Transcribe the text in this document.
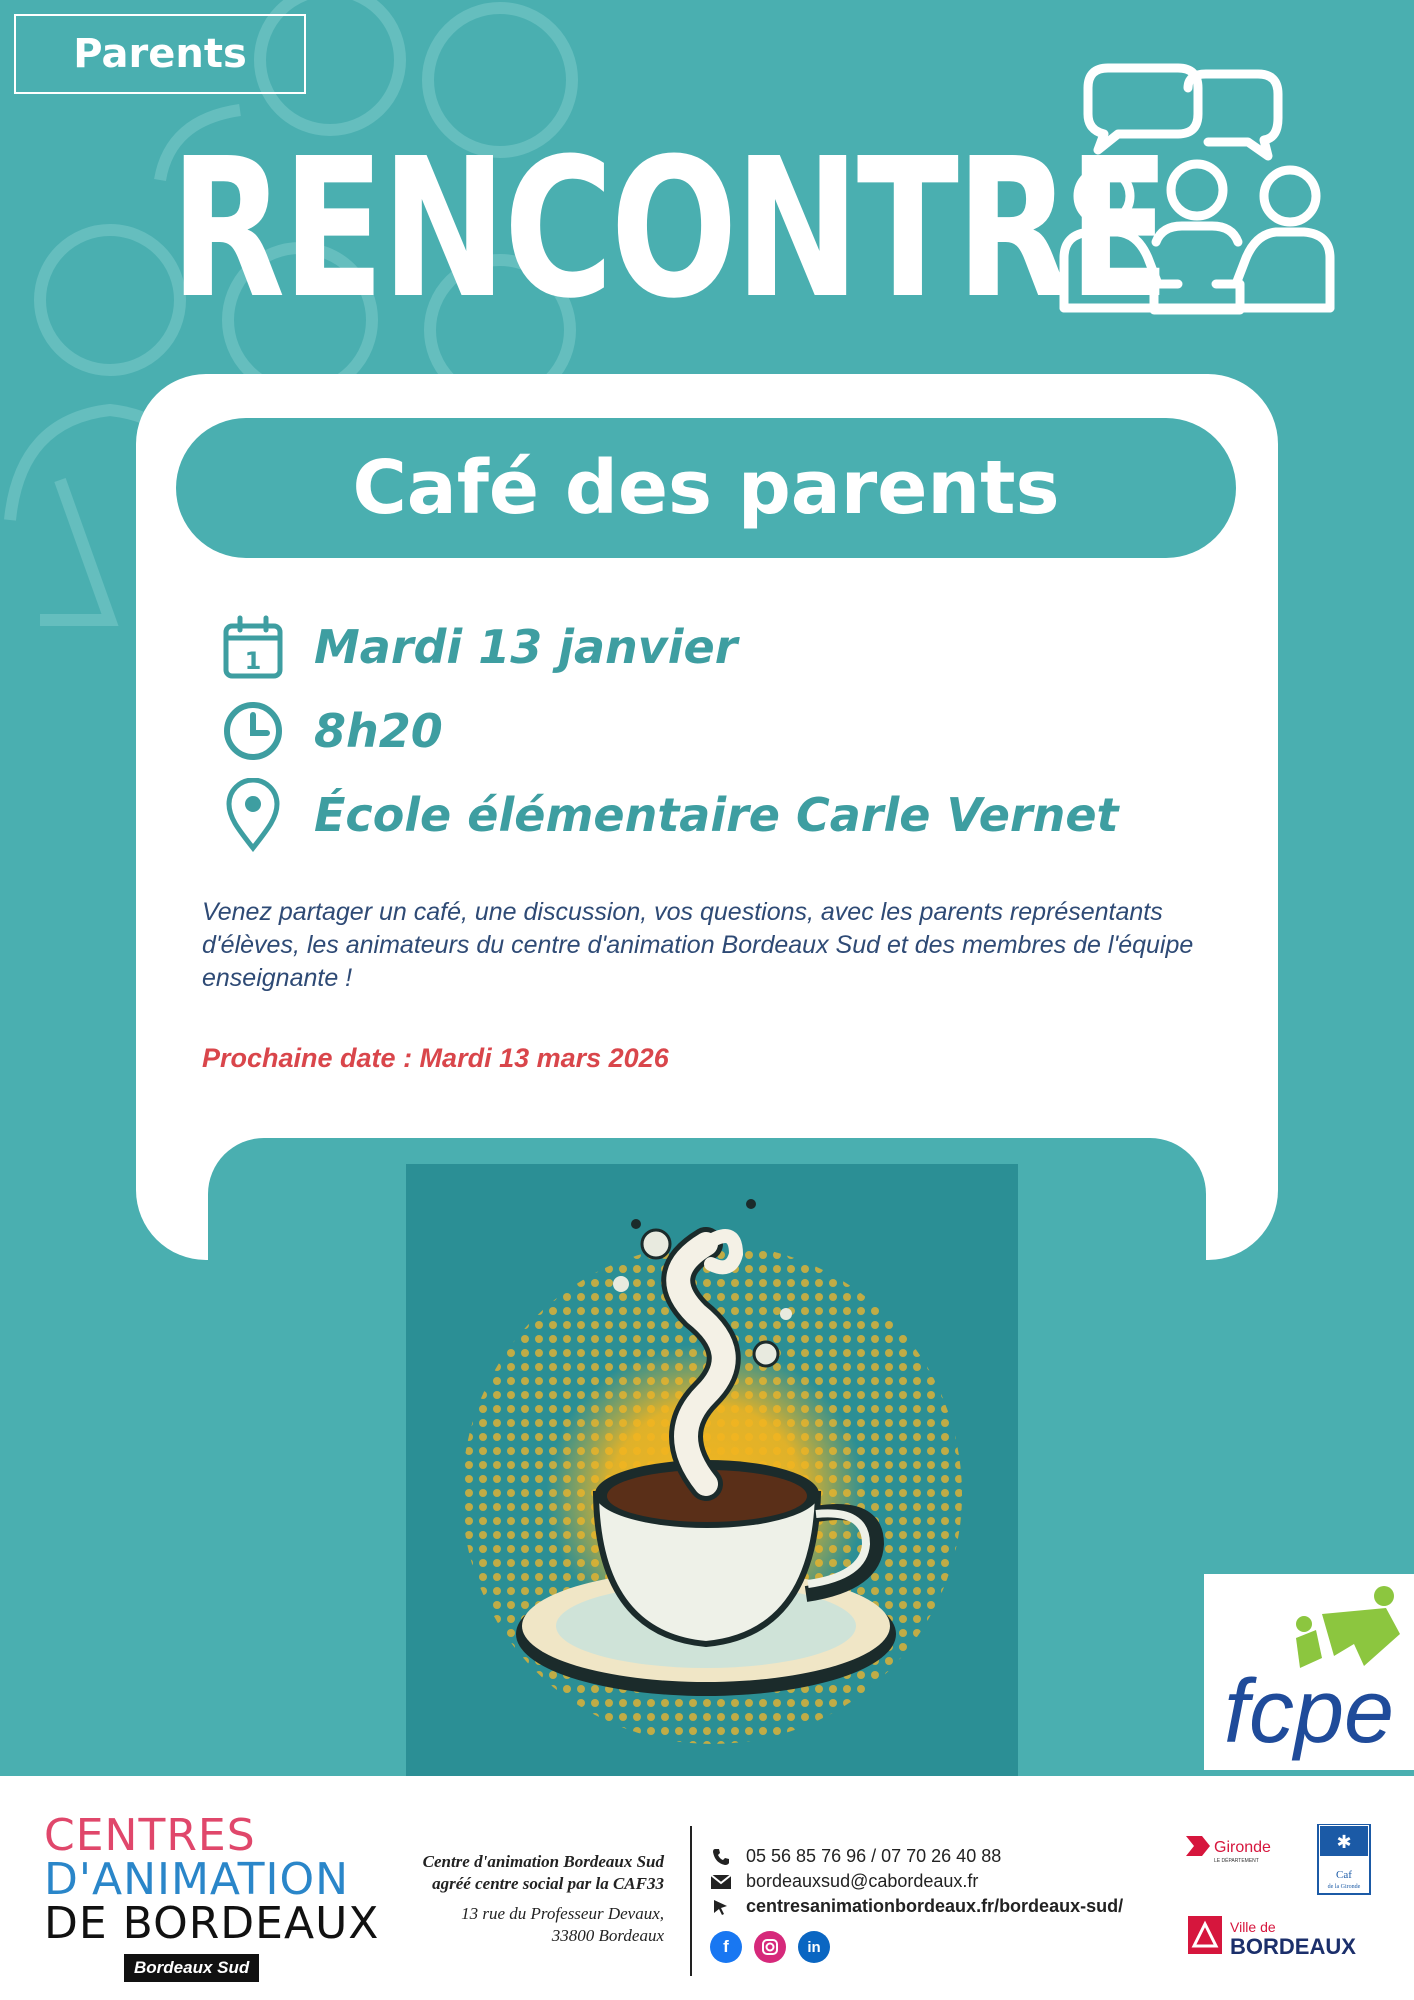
Parents
RENCONTRE
Café des parents
1 Mardi 13 janvier
8h20
École élémentaire Carle Vernet

Venez partager un café, une discussion, vos questions, avec les parents représentants d'élèves, les animateurs du centre d'animation Bordeaux Sud et des membres de l'équipe enseignante !

Prochaine date : Mardi 13 mars 2026

fcpe
CENTRES
D'ANIMATION
DE BORDEAUX
Bordeaux Sud
Centre d'animation Bordeaux Sud
agréé centre social par la CAF33
13 rue du Professeur Devaux,
33800 Bordeaux
05 56 85 76 96 / 07 70 26 40 88
bordeauxsud@cabordeaux.fr
centresanimationbordeaux.fr/bordeaux-sud/
f	in
Gironde
LE DÉPARTEMENT
✱
Caf
de la Gironde
Ville de
BORDEAUX
